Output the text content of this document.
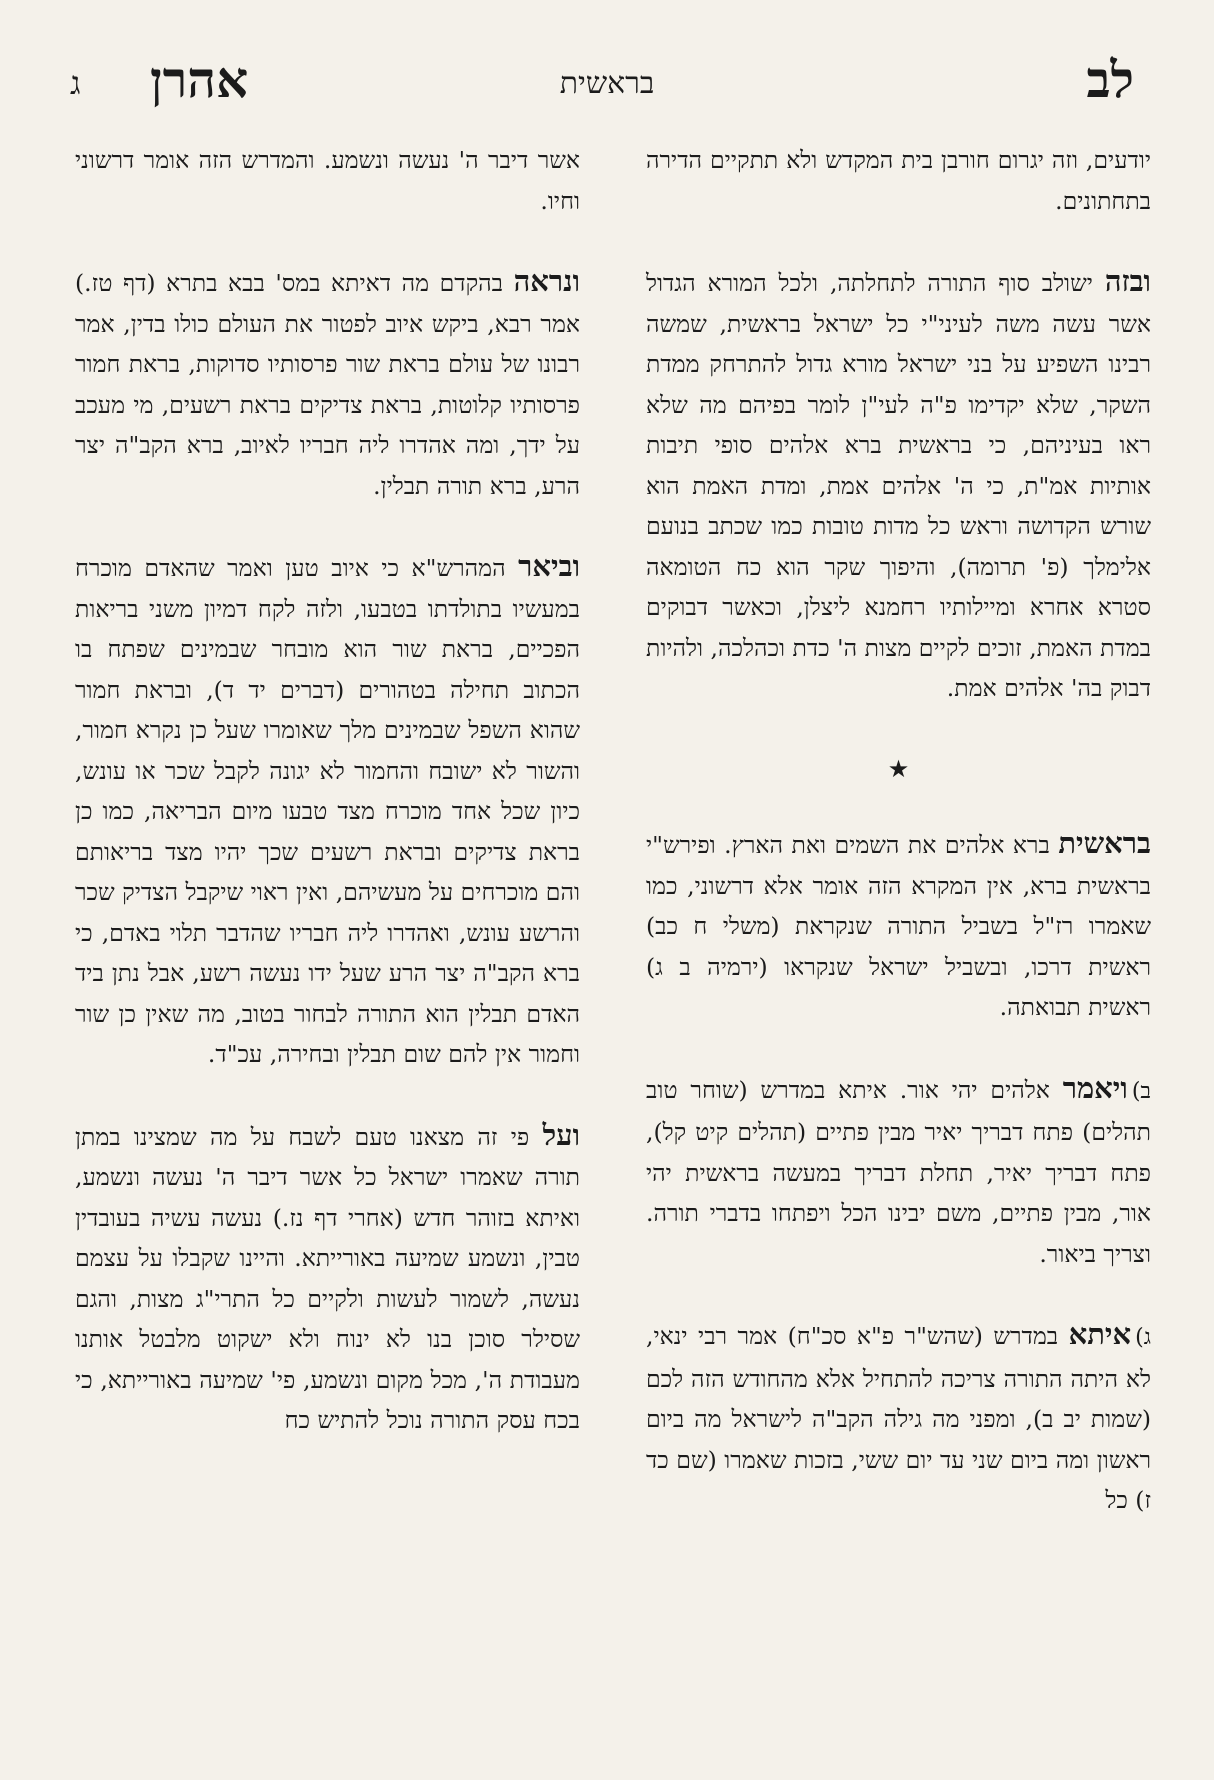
לב
בראשית
אהרן
ג
יודעים, וזה יגרום חורבן בית המקדש ולא תתקיים הדירה בתחתונים.
ובזה ישולב סוף התורה לתחלתה, ולכל המורא הגדול אשר עשה משה לעיני"י כל ישראל בראשית, שמשה רבינו השפיע על בני ישראל מורא גדול להתרחק ממדת השקר, שלא יקדימו פ"ה לעי"ן לומר בפיהם מה שלא ראו בעיניהם, כי בראשית ברא אלהים סופי תיבות אותיות אמ"ת, כי ה' אלהים אמת, ומדת האמת הוא שורש הקדושה וראש כל מדות טובות כמו שכתב בנועם אלימלך (פ' תרומה), והיפוך שקר הוא כח הטומאה סטרא אחרא ומיילותיו רחמנא ליצלן, וכאשר דבוקים במדת האמת, זוכים לקיים מצות ה' כדת וכהלכה, ולהיות דבוק בה' אלהים אמת.
★
בראשית ברא אלהים את השמים ואת הארץ. ופירש"י בראשית ברא, אין המקרא הזה אומר אלא דרשוני, כמו שאמרו רז"ל בשביל התורה שנקראת (משלי ח כב) ראשית דרכו, ובשביל ישראל שנקראו (ירמיה ב ג) ראשית תבואתה.
ב)ויאמר אלהים יהי אור. איתא במדרש (שוחר טוב תהלים) פתח דבריך יאיר מבין פתיים (תהלים קיט קל), פתח דבריך יאיר, תחלת דבריך במעשה בראשית יהי אור, מבין פתיים, משם יבינו הכל ויפתחו בדברי תורה. וצריך ביאור.
ג)איתא במדרש (שהש"ר פ"א סכ"ח) אמר רבי ינאי, לא היתה התורה צריכה להתחיל אלא מהחודש הזה לכם (שמות יב ב), ומפני מה גילה הקב"ה לישראל מה ביום ראשון ומה ביום שני עד יום ששי, בזכות שאמרו (שם כד ז) כל
אשר דיבר ה' נעשה ונשמע. והמדרש הזה אומר דרשוני וחיו.
ונראה בהקדם מה דאיתא במס' בבא בתרא (דף טז.) אמר רבא, ביקש איוב לפטור את העולם כולו בדין, אמר רבונו של עולם בראת שור פרסותיו סדוקות, בראת חמור פרסותיו קלוטות, בראת צדיקים בראת רשעים, מי מעכב על ידך, ומה אהדרו ליה חבריו לאיוב, ברא הקב"ה יצר הרע, ברא תורה תבלין.
וביאר המהרש"א כי איוב טען ואמר שהאדם מוכרח במעשיו בתולדתו בטבעו, ולזה לקח דמיון משני בריאות הפכיים, בראת שור הוא מובחר שבמינים שפתח בו הכתוב תחילה בטהורים (דברים יד ד), ובראת חמור שהוא השפל שבמינים מלך שאומרו שעל כן נקרא חמור, והשור לא ישובח והחמור לא יגונה לקבל שכר או עונש, כיון שכל אחד מוכרח מצד טבעו מיום הבריאה, כמו כן בראת צדיקים ובראת רשעים שכך יהיו מצד בריאותם והם מוכרחים על מעשיהם, ואין ראוי שיקבל הצדיק שכר והרשע עונש, ואהדרו ליה חבריו שהדבר תלוי באדם, כי ברא הקב"ה יצר הרע שעל ידו נעשה רשע, אבל נתן ביד האדם תבלין הוא התורה לבחור בטוב, מה שאין כן שור וחמור אין להם שום תבלין ובחירה, עכ"ד.
ועל פי זה מצאנו טעם לשבח על מה שמצינו במתן תורה שאמרו ישראל כל אשר דיבר ה' נעשה ונשמע, ואיתא בזוהר חדש (אחרי דף נז.) נעשה עשיה בעובדין טבין, ונשמע שמיעה באורייתא. והיינו שקבלו על עצמם נעשה, לשמור לעשות ולקיים כל התרי"ג מצות, והגם שסילר סוכן בנו לא ינוח ולא ישקוט מלבטל אותנו מעבודת ה', מכל מקום ונשמע, פי' שמיעה באורייתא, כי בכח עסק התורה נוכל להתיש כח
